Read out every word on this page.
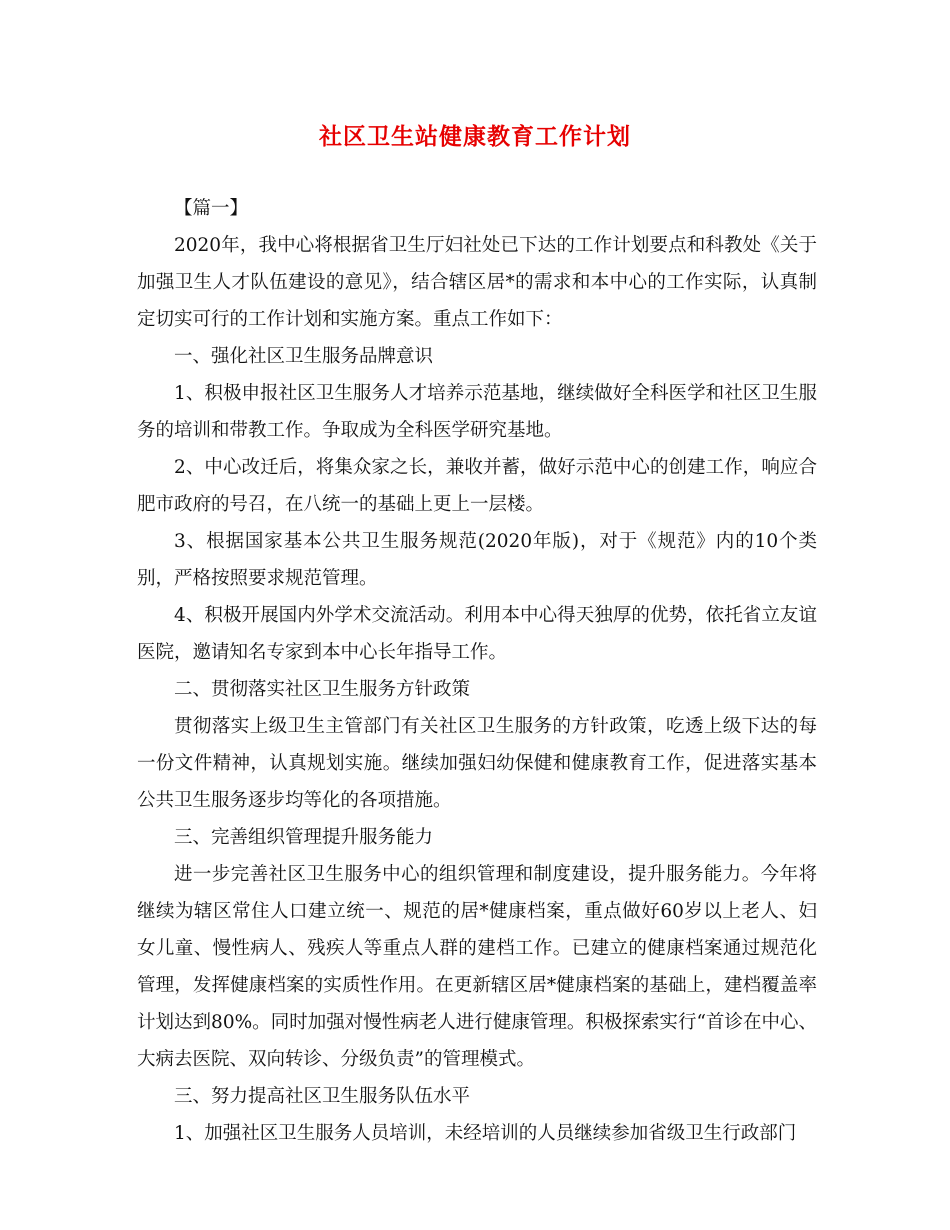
社区卫生站健康教育工作计划

【篇一】

2020年，我中心将根据省卫生厅妇社处已下达的工作计划要点和科教处《关于加强卫生人才队伍建设的意见》，结合辖区居*的需求和本中心的工作实际，认真制定切实可行的工作计划和实施方案。重点工作如下：

一、强化社区卫生服务品牌意识

1、积极申报社区卫生服务人才培养示范基地，继续做好全科医学和社区卫生服务的培训和带教工作。争取成为全科医学研究基地。

2、中心改迁后，将集众家之长，兼收并蓄，做好示范中心的创建工作，响应合肥市政府的号召，在八统一的基础上更上一层楼。

3、根据国家基本公共卫生服务规范(2020年版)，对于《规范》内的10个类别，严格按照要求规范管理。

4、积极开展国内外学术交流活动。利用本中心得天独厚的优势，依托省立友谊医院，邀请知名专家到本中心长年指导工作。

二、贯彻落实社区卫生服务方针政策

贯彻落实上级卫生主管部门有关社区卫生服务的方针政策，吃透上级下达的每一份文件精神，认真规划实施。继续加强妇幼保健和健康教育工作，促进落实基本公共卫生服务逐步均等化的各项措施。

三、完善组织管理提升服务能力

进一步完善社区卫生服务中心的组织管理和制度建设，提升服务能力。今年将继续为辖区常住人口建立统一、规范的居*健康档案，重点做好60岁以上老人、妇女儿童、慢性病人、残疾人等重点人群的建档工作。已建立的健康档案通过规范化管理，发挥健康档案的实质性作用。在更新辖区居*健康档案的基础上，建档覆盖率计划达到80%。同时加强对慢性病老人进行健康管理。积极探索实行“首诊在中心、大病去医院、双向转诊、分级负责”的管理模式。

三、努力提高社区卫生服务队伍水平

1、加强社区卫生服务人员培训，未经培训的人员继续参加省级卫生行政部门
